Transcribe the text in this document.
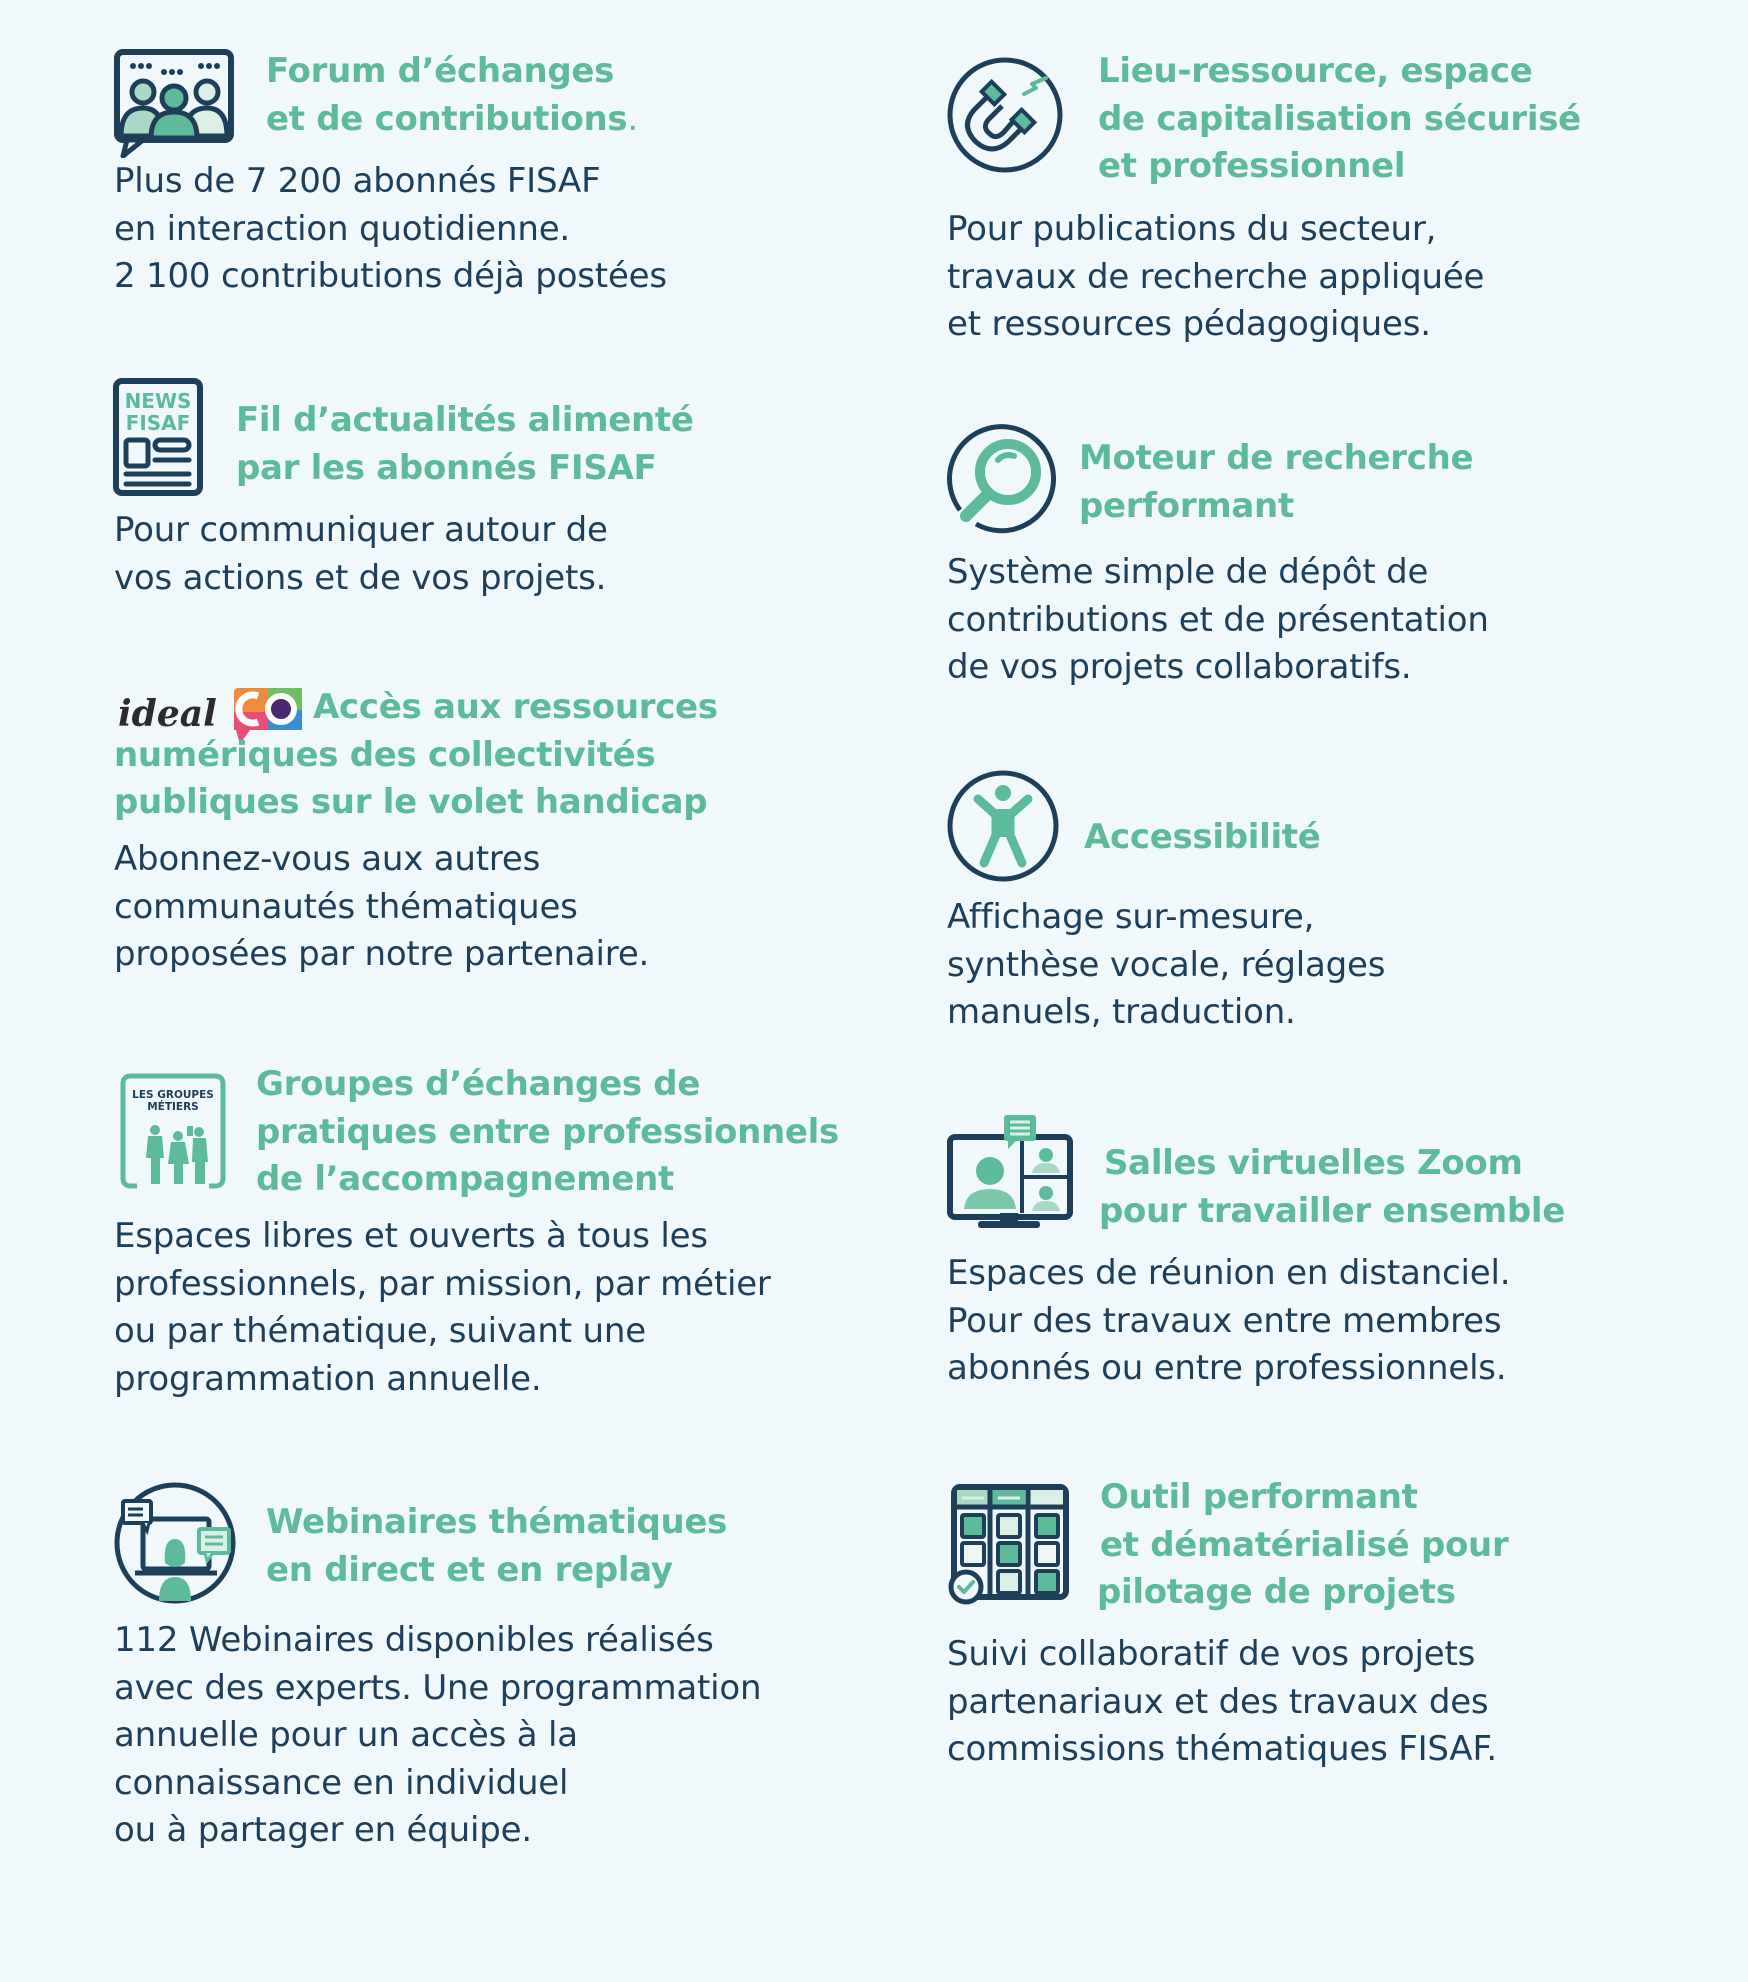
Forum d’échanges
et de contributions.
Plus de 7 200 abonnés FISAF
en interaction quotidienne.
2 100 contributions déjà postées
NEWS
FISAF Fil d’actualités alimenté
par les abonnés FISAF
Pour communiquer autour de
vos actions et de vos projets.
ideal	Accès aux ressources
numériques des collectivités
publiques sur le volet handicap
Abonnez-vous aux autres
communautés thématiques
proposées par notre partenaire.
LES GROUPES
MÉTIERS
Groupes d’échanges de
pratiques entre professionnels
de l’accompagnement
Espaces libres et ouverts à tous les
professionnels, par mission, par métier
ou par thématique, suivant une
programmation annuelle.
Webinaires thématiques
en direct et en replay
112 Webinaires disponibles réalisés
avec des experts. Une programmation
annuelle pour un accès à la
connaissance en individuel
ou à partager en équipe.
Lieu-ressource, espace
de capitalisation sécurisé
et professionnel
Pour publications du secteur,
travaux de recherche appliquée
et ressources pédagogiques.
Moteur de recherche
performant
Système simple de dépôt de
contributions et de présentation
de vos projets collaboratifs.
Accessibilité
Affichage sur-mesure,
synthèse vocale, réglages
manuels, traduction.
Salles virtuelles Zoom
pour travailler ensemble
Espaces de réunion en distanciel.
Pour des travaux entre membres
abonnés ou entre professionnels.
Outil performant
et dématérialisé pour
pilotage de projets
Suivi collaboratif de vos projets
partenariaux et des travaux des
commissions thématiques FISAF.
